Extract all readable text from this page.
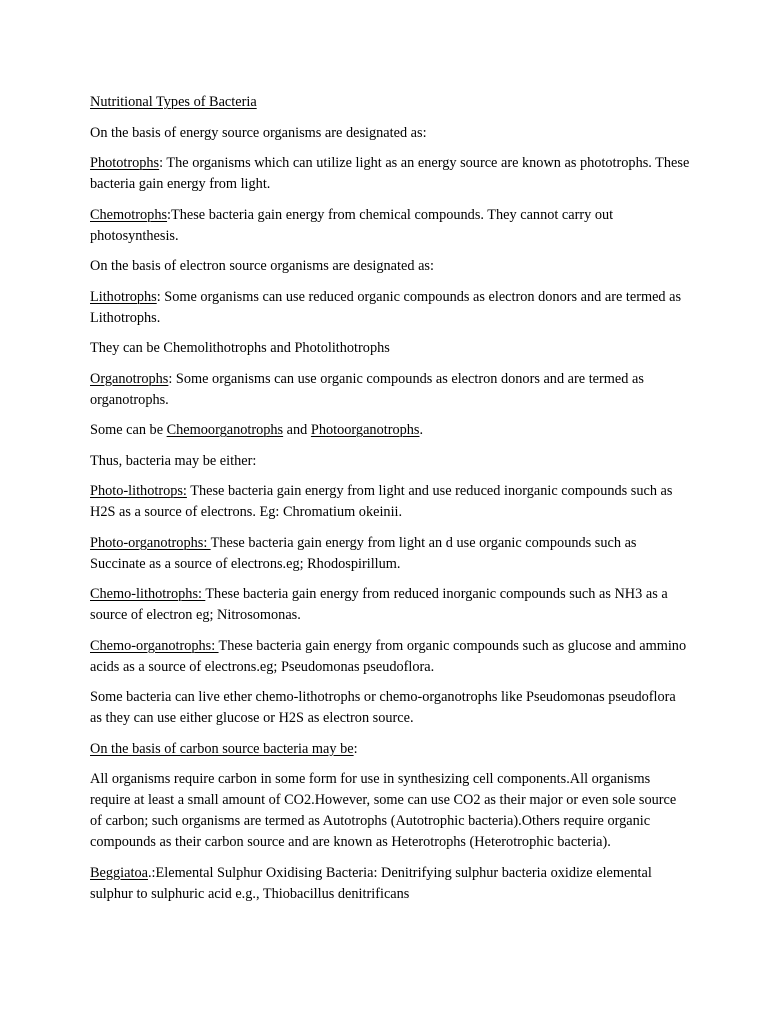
Nutritional Types of Bacteria

On the basis of energy source organisms are designated as:

Phototrophs: The organisms which can utilize light as an energy source are known as phototrophs. These bacteria gain energy from light.

Chemotrophs:These bacteria gain energy from chemical compounds. They cannot carry out photosynthesis.

On the basis of electron source organisms are designated as:

Lithotrophs: Some organisms can use reduced organic compounds as electron donors and are termed as Lithotrophs.

They can be Chemolithotrophs and Photolithotrophs

Organotrophs: Some organisms can use organic compounds as electron donors and are termed as organotrophs.

Some can be Chemoorganotrophs and Photoorganotrophs.

Thus, bacteria may be either:

Photo-lithotrops: These bacteria gain energy from light and use reduced inorganic compounds such as H2S as a source of electrons. Eg: Chromatium okeinii.

Photo-organotrophs: These bacteria gain energy from light an d use organic compounds such as Succinate as a source of electrons.eg; Rhodospirillum.

Chemo-lithotrophs: These bacteria gain energy from reduced inorganic compounds such as NH3 as a source of electron eg; Nitrosomonas.

Chemo-organotrophs: These bacteria gain energy from organic compounds such as glucose and ammino acids as a source of electrons.eg; Pseudomonas pseudoflora.

Some bacteria can live ether chemo-lithotrophs or chemo-organotrophs like Pseudomonas pseudoflora as they can use either glucose or H2S as electron source.

On the basis of carbon source bacteria may be:

All organisms require carbon in some form for use in synthesizing cell components.All organisms require at least a small amount of CO2.However, some can use CO2 as their major or even sole source of carbon; such organisms are termed as Autotrophs (Autotrophic bacteria).Others require organic compounds as their carbon source and are known as Heterotrophs (Heterotrophic bacteria).

Beggiatoa.:Elemental Sulphur Oxidising Bacteria: Denitrifying sulphur bacteria oxidize elemental sulphur to sulphuric acid e.g., Thiobacillus denitrificans
